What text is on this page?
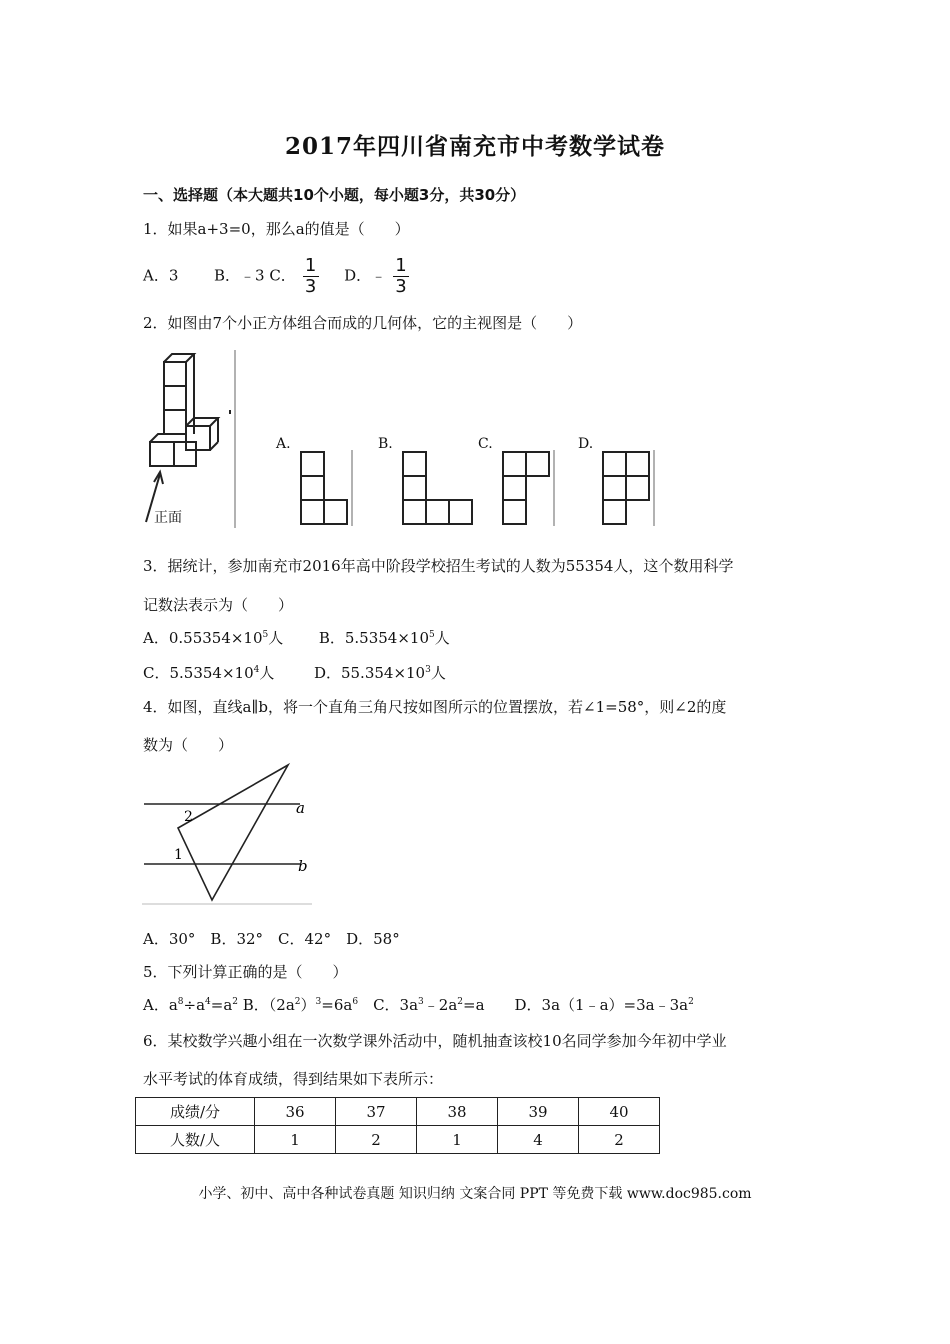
2017年四川省南充市中考数学试卷
一、选择题（本大题共10个小题，每小题3分，共30分）
1．如果a+3=0，那么a的值是（　　）
A．3 B．﹣3 C． $\frac{1}{3}$ D．﹣ $\frac{1}{3}$
2．如图由7个小正方体组合而成的几何体，它的主视图是（　　）
正面
A.	B.	C.	D.
3．据统计，参加南充市2016年高中阶段学校招生考试的人数为55354人，这个数用科学
记数法表示为（　　）
A．$0.55354\times 10^5$人 B．$5.5354\times 10^5$人
C．$5.5354\times 10^4$人	D．$55.354\times 10^3$人
4．如图，直线a∥b，将一个直角三角尺按如图所示的位置摆放，若∠1=58°，则∠2的度
数为（　　）
a
b
2
1
A．30°　B．32°　C．42°　D．58°
5．下列计算正确的是（　　）
A．$a^8\div a^4=a^2$ B．$(2a^2)^3=6a^6$　C．$3a^3﹣2a^2=a$　　D．$3a(1﹣a)=3a﹣3a^2$
6．某校数学兴趣小组在一次数学课外活动中，随机抽查该校10名同学参加今年初中学业
水平考试的体育成绩，得到结果如下表所示：
成绩/分	36	37	38	39	40
人数/人	1	2	1	4	2
小学、初中、高中各种试卷真题 知识归纳 文案合同 PPT 等免费下载 www.doc985.com
